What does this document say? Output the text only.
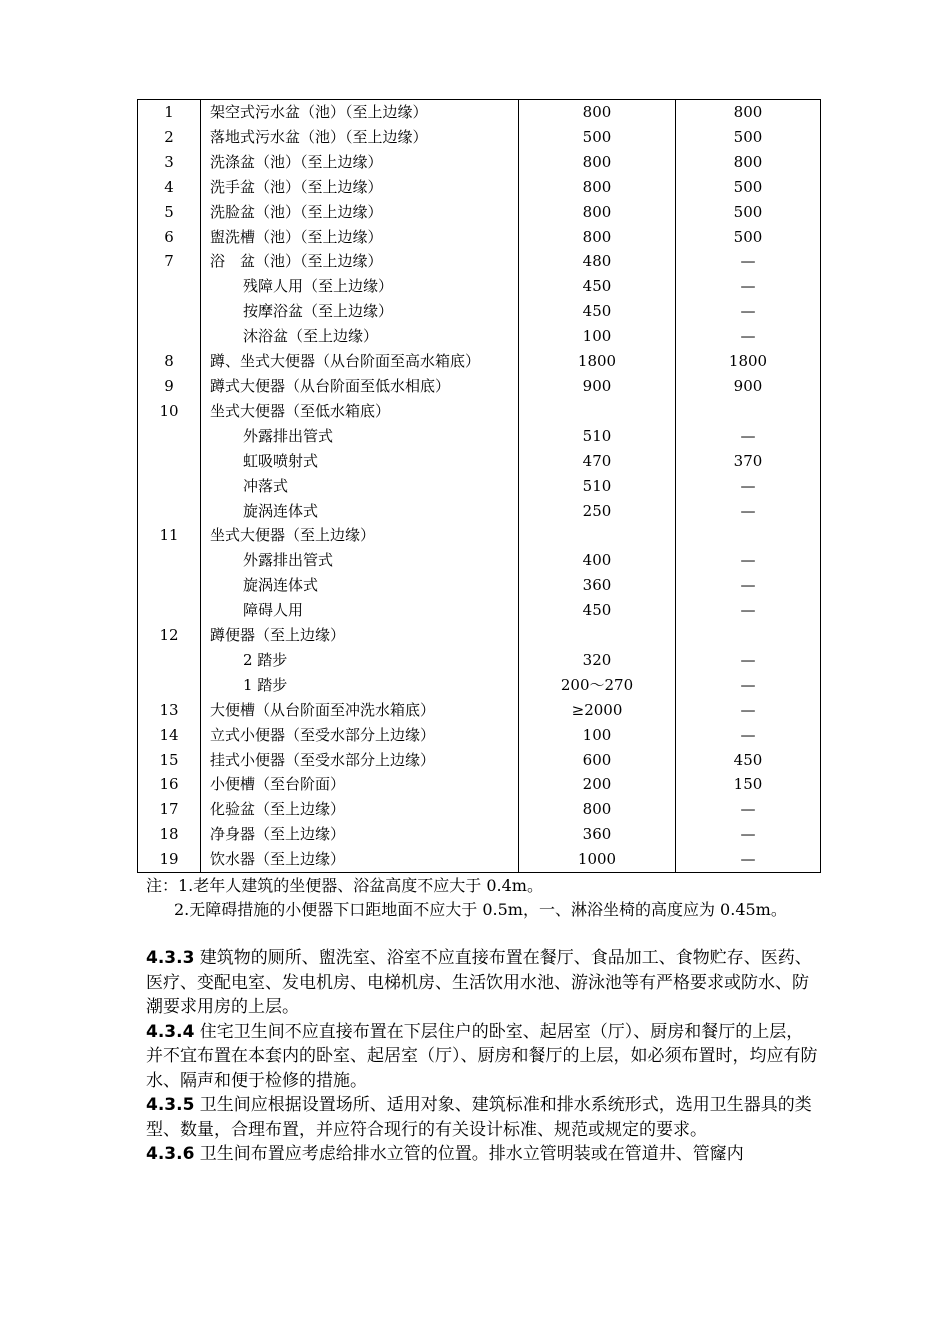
1	架空式污水盆（池）（至上边缘）	800	800
2	落地式污水盆（池）（至上边缘）	500	500
3	洗涤盆（池）（至上边缘）	800	800
4	洗手盆（池）（至上边缘）	800	500
5	洗脸盆（池）（至上边缘）	800	500
6	盥洗槽（池）（至上边缘）	800	500
7	浴　盆（池）（至上边缘）	480	—
	残障人用（至上边缘）	450	—
	按摩浴盆（至上边缘）	450	—
	沐浴盆（至上边缘）	100	—
8	蹲、坐式大便器（从台阶面至高水箱底）	1800	1800
9	蹲式大便器（从台阶面至低水相底）	900	900
10	坐式大便器（至低水箱底）		
	外露排出管式	510	—
	虹吸喷射式	470	370
	冲落式	510	—
	旋涡连体式	250	—
11	坐式大便器（至上边缘）		
	外露排出管式	400	—
	旋涡连体式	360	—
	障碍人用	450	—
12	蹲便器（至上边缘）		
	2 踏步	320	—
	1 踏步	200～270	—
13	大便槽（从台阶面至冲洗水箱底）	≥2000	—
14	立式小便器（至受水部分上边缘）	100	—
15	挂式小便器（至受水部分上边缘）	600	450
16	小便槽（至台阶面）	200	150
17	化验盆（至上边缘）	800	—
18	净身器（至上边缘）	360	—
19	饮水器（至上边缘）	1000	—

注：1.老年人建筑的坐便器、浴盆高度不应大于 0.4m。

2.无障碍措施的小便器下口距地面不应大于 0.5m，一、淋浴坐椅的高度应为 0.45m。

4.3.3 建筑物的厕所、盥洗室、浴室不应直接布置在餐厅、食品加工、食物贮存、医药、医疗、变配电室、发电机房、电梯机房、生活饮用水池、游泳池等有严格要求或防水、防潮要求用房的上层。

4.3.4 住宅卫生间不应直接布置在下层住户的卧室、起居室（厅）、厨房和餐厅的上层，并不宜布置在本套内的卧室、起居室（厅）、厨房和餐厅的上层，如必须布置时，均应有防水、隔声和便于检修的措施。

4.3.5 卫生间应根据设置场所、适用对象、建筑标准和排水系统形式，选用卫生器具的类型、数量，合理布置，并应符合现行的有关设计标准、规范或规定的要求。

4.3.6 卫生间布置应考虑给排水立管的位置。排水立管明装或在管道井、管窿内
